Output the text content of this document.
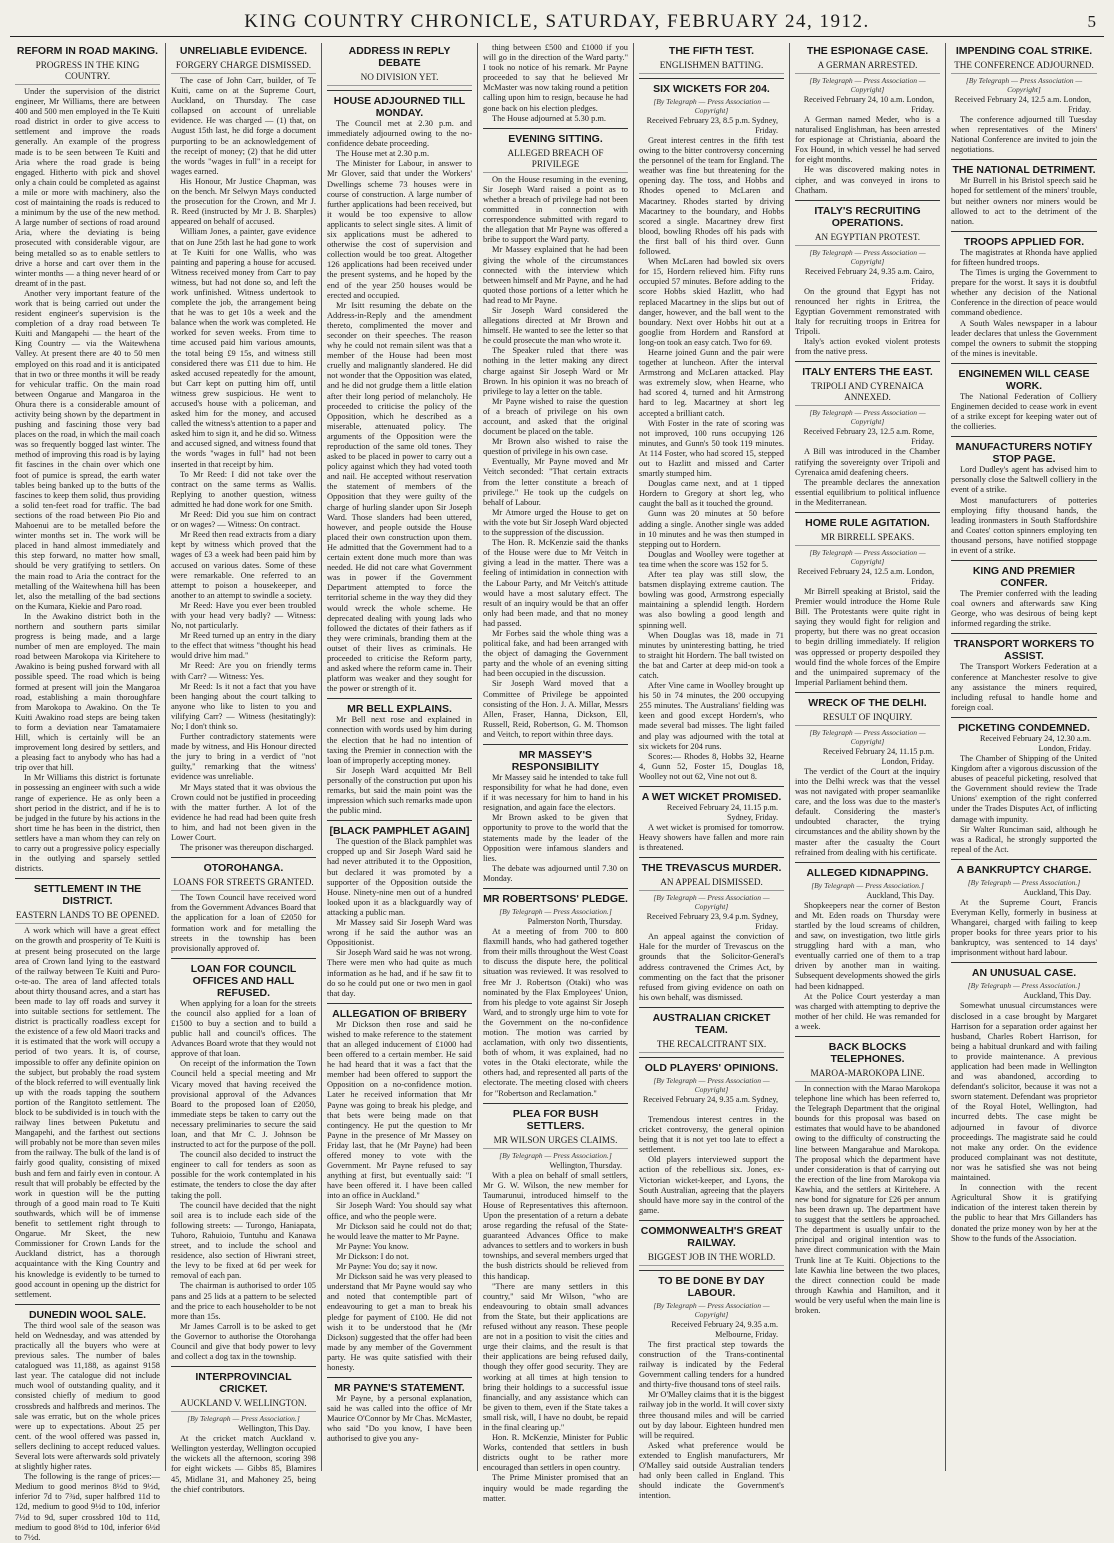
KING COUNTRY CHRONICLE, SATURDAY, FEBRUARY 24, 1912.	5
REFORM IN ROAD MAKING.
PROGRESS IN THE KING COUNTRY.

Under the supervision of the district engineer, Mr Williams, there are between 400 and 500 men employed in the Te Kuiti road district in order to give access to settlement and improve the roads generally. An example of the progress made is to be seen between Te Kuiti and Aria where the road grade is being engaged. Hitherto with pick and shovel only a chain could be completed as against a mile or more with machinery, also the cost of maintaining the roads is reduced to a minimum by the use of the new method. A large number of sections of road around Aria, where the deviating is being prosecuted with considerable vigour, are being metalled so as to enable settlers to drive a horse and cart over them in the winter months — a thing never heard of or dreamt of in the past.

Another very important feature of the work that is being carried out under the resident engineer's supervision is the completion of a dray road between Te Kuiti and Mangapehi — the heart of the King Country — via the Waitewhena Valley. At present there are 40 to 50 men employed on this road and it is anticipated that in two or three months it will be ready for vehicular traffic. On the main road between Ongarue and Mangaroa in the Ohura there is a considerable amount of activity being shown by the department in pushing and fascining those very bad places on the road, in which the mail coach was so frequently bogged last winter. The method of improving this road is by laying fit fascines in the chain over which one foot of pumice is spread, the earth water tables being banked up to the butts of the fascines to keep them solid, thus providing a solid ten-feet road for traffic. The bad sections of the road between Pio Pio and Mahoenui are to be metalled before the winter months set in. The work will be placed in hand almost immediately and this step forward, no matter how small, should be very gratifying to settlers. On the main road to Aria the contract for the metalling of the Waitewhena hill has been let, also the metalling of the bad sections on the Kumara, Kiekie and Paro road.

In the Awakino district both in the northern and southern parts similar progress is being made, and a large number of men are employed. The main road between Marokopa via Kiritehere to Awakino is being pushed forward with all possible speed. The road which is being formed at present will join the Mangaroa road, establishing a main thoroughfare from Marokopa to Awakino. On the Te Kuiti Awakino road steps are being taken to form a deviation near Tamatamaiere Hill, which is certainly will be an improvement long desired by settlers, and a pleasing fact to anybody who has had a trip over that hill.

In Mr Williams this district is fortunate in possessing an engineer with such a wide range of experience. He as only been a short period in the district, and if he is to be judged in the future by his actions in the short time he has been in the district, then settlers have a man whom they can rely on to carry out a progressive policy especially in the outlying and sparsely settled districts.

SETTLEMENT IN THE DISTRICT.
EASTERN LANDS TO BE OPENED.

A work which will have a great effect on the growth and prosperity of Te Kuiti is at present being prosecuted on the large area of Crown land lying to the eastward of the railway between Te Kuiti and Puro-o-te-ao. The area of land affected totals about thirty thousand acres, and a start has been made to lay off roads and survey it into suitable sections for settlement. The district is practically roadless except for the existence of a few old Maori tracks and it is estimated that the work will occupy a period of two years. It is, of course, impossible to offer any definite opinion on the subject, but probably the road system of the block referred to will eventually link up with the roads tapping the southern portion of the Rangitoto settlement. The block to be subdivided is in touch with the railway lines between Puketutu and Mangapehi, and the farthest out sections will probably not be more than seven miles from the railway. The bulk of the land is of fairly good quality, consisting of mixed bush and fern and fairly even in contour. A result that will probably be effected by the work in question will be the putting through of a good main road to Te Kuiti southwards, which will be of immense benefit to settlement right through to Ongarue. Mr Skeet, the new Commissioner for Crown Lands for the Auckland district, has a thorough acquaintance with the King Country and his knowledge is evidently to be turned to good account in opening up the district for settlement.

DUNEDIN WOOL SALE.

The third wool sale of the season was held on Wednesday, and was attended by practically all the buyers who were at previous sales. The number of bales catalogued was 11,188, as against 9158 last year. The catalogue did not include much wool of outstanding quality, and it consisted chiefly of medium to good crossbreds and halfbreds and merinos. The sale was erratic, but on the whole prices were up to expectations. About 25 per cent. of the wool offered was passed in, sellers declining to accept reduced values. Several lots were afterwards sold privately at slightly higher rates.

The following is the range of prices:— Medium to good merinos 8½d to 9½d, inferior 7d to 7¾d, super halfbred 11d to 12d, medium to good 9½d to 10d, inferior 7½d to 9d, super crossbred 10d to 11d, medium to good 8½d to 10d, inferior 6½d to 7½d.

UNRELIABLE EVIDENCE.
FORGERY CHARGE DISMISSED.

The case of John Carr, builder, of Te Kuiti, came on at the Supreme Court, Auckland, on Thursday. The case collapsed on account of unreliable evidence. He was charged — (1) that, on August 15th last, he did forge a document purporting to be an acknowledgement of the receipt of money; (2) that he did utter the words "wages in full" in a receipt for wages earned.

His Honour, Mr Justice Chapman, was on the bench. Mr Selwyn Mays conducted the prosecution for the Crown, and Mr J. R. Reed (instructed by Mr J. B. Sharples) appeared on behalf of accused.

William Jones, a painter, gave evidence that on June 25th last he had gone to work at Te Kuiti for one Wallis, who was painting and papering a house for accused. Witness received money from Carr to pay witness, but had not done so, and left the work unfinished. Witness undertook to complete the job, the arrangement being that he was to get 10s a week and the balance when the work was completed. He worked for seven weeks. From time to time accused paid him various amounts, the total being £9 15s, and witness still considered there was £11 due to him. He asked accused repeatedly for the amount, but Carr kept on putting him off, until witness grew suspicious. He went to accused's house with a policeman, and asked him for the money, and accused called the witness's attention to a paper and asked him to sign it, and he did so. Witness and accused signed, and witness found that the words "wages in full" had not been inserted in that receipt by him.

To Mr Reed: I did not take over the contract on the same terms as Wallis. Replying to another question, witness admitted he had done work for one Smith.

Mr Reed: Did you sue him on contract or on wages? — Witness: On contract.

Mr Reed then read extracts from a diary kept by witness which proved that the wages of £3 a week had been paid him by accused on various dates. Some of these were remarkable. One referred to an attempt to poison a housekeeper, and another to an attempt to swindle a society.

Mr Reed: Have you ever been troubled with your head very badly? — Witness: No, not particularly.

Mr Reed turned up an entry in the diary to the effect that witness "thought his head would drive him mad."

Mr Reed: Are you on friendly terms with Carr? — Witness: Yes.

Mr Reed: Is it not a fact that you have been hanging about the court talking to anyone who like to listen to you and vilifying Carr? — Witness (hesitatingly): No; I don't think so.

Further contradictory statements were made by witness, and His Honour directed the jury to bring in a verdict of "not guilty," remarking that the witness' evidence was unreliable.

Mr Mays stated that it was obvious the Crown could not be justified in proceeding with the matter further. A lot of the evidence he had read had been quite fresh to him, and had not been given in the Lower Court.

The prisoner was thereupon discharged.

OTOROHANGA.
LOANS FOR STREETS GRANTED.

The Town Council have received word from the Government Advances Board that the application for a loan of £2050 for formation work and for metalling the streets in the township has been provisionally approved of.

LOAN FOR COUNCIL OFFICES AND HALL REFUSED.

When applying for a loan for the streets the council also applied for a loan of £1500 to buy a section and to build a public hall and council's offices. The Advances Board wrote that they would not approve of that loan.

On receipt of the information the Town Council held a special meeting and Mr Vicary moved that having received the provisional approval of the Advances Board to the proposed loan of £2050, immediate steps be taken to carry out the necessary preliminaries to secure the said loan, and that Mr C. J. Johnson be instructed to act for the purpose of the poll.

The council also decided to instruct the engineer to call for tenders as soon as possible for the work contemplated in his estimate, the tenders to close the day after taking the poll.

The council have decided that the night soil area is to include each side of the following streets: — Turongo, Haniapata, Tuhoro, Rahuioio, Tuntuhu and Kanawa street, and to include the school and residence, also section of Hiwrani street, the levy to be fixed at 6d per week for removal of each pan.

The chairman is authorised to order 105 pans and 25 lids at a pattern to be selected and the price to each householder to be not more than 15s.

Mr James Carroll is to be asked to get the Governor to authorise the Otorohanga Council and give that body power to levy and collect a dog tax in the township.

INTERPROVINCIAL CRICKET.
AUCKLAND V. WELLINGTON.
[By Telegraph — Press Association.]
Wellington, This Day.

At the cricket match Auckland v. Wellington yesterday, Wellington occupied the wickets all the afternoon, scoring 398 for eight wickets — Gibbs 85, Blamires 45, Midlane 31, and Mahoney 25, being the chief contributors.

ADDRESS IN REPLY DEBATE
NO DIVISION YET.
HOUSE ADJOURNED TILL MONDAY.

The Council met at 2.30 p.m. and immediately adjourned owing to the no-confidence debate proceeding.

The House met at 2.30 p.m.

The Minister for Labour, in answer to Mr Glover, said that under the Workers' Dwellings scheme 73 houses were in course of construction. A large number of further applications had been received, but it would be too expensive to allow applicants to select single sites. A limit of six applications must be adhered to otherwise the cost of supervision and collection would be too great. Altogether 126 applications had been received under the present systems, and he hoped by the end of the year 250 houses would be erected and occupied.

Mr Isitt resuming the debate on the Address-in-Reply and the amendment thereto, complimented the mover and seconder on their speeches. The reason why he could not remain silent was that a member of the House had been most cruelly and malignantly slandered. He did not wonder that the Opposition was elated, and he did not grudge them a little elation after their long period of melancholy. He proceeded to criticise the policy of the Opposition, which he described as a miserable, attenuated policy. The arguments of the Opposition were the reproduction of the same old tones. They asked to be placed in power to carry out a policy against which they had voted tooth and nail. He accepted without reservation the statement of members of the Opposition that they were guilty of the charge of hurling slander upon Sir Joseph Ward. Those slanders had been uttered, however, and people outside the House placed their own construction upon them. He admitted that the Government had to a certain extent done much more than was needed. He did not care what Government was in power if the Government Department attempted to force the territorial scheme in the way they did they would wreck the whole scheme. He deprecated dealing with young lads who followed the dictates of their fathers as if they were criminals, branding them at the outset of their lives as criminals. He proceeded to criticise the Reform party, and asked where the reform came in. Their platform was weaker and they sought for the power or strength of it.

MR BELL EXPLAINS.

Mr Bell next rose and explained in connection with words used by him during the election that he had no intention of taxing the Premier in connection with the loan of improperly accepting money.

Sir Joseph Ward acquitted Mr Bell personally of the construction put upon his remarks, but said the main point was the impression which such remarks made upon the public mind.

[BLACK PAMPHLET AGAIN]

The question of the Black pamphlet was cropped up and Sir Joseph Ward said he had never attributed it to the Opposition, but declared it was promoted by a supporter of the Opposition outside the House. Ninety-nine men out of a hundred looked upon it as a blackguardly way of attacking a public man.

Mr Massey said Sir Joseph Ward was wrong if he said the author was an Oppositionist.

Sir Joseph Ward said he was not wrong. There were men who had quite as much information as he had, and if he saw fit to do so he could put one or two men in gaol that day.

ALLEGATION OF BRIBERY

Mr Dickson then rose and said he wished to make reference to the statement that an alleged inducement of £1000 had been offered to a certain member. He said he had heard that it was a fact that the member had been offered to support the Opposition on a no-confidence motion. Later he received information that Mr Payne was going to break his pledge, and that bets were being made on that contingency. He put the question to Mr Payne in the presence of Mr Massey on Friday last, that he (Mr Payne) had been offered money to vote with the Government. Mr Payne refused to say anything at first, but eventually said: "I have been offered it. I have been called into an office in Auckland."

Sir Joseph Ward: You should say what office, and who the people were.

Mr Dickson said he could not do that; he would leave the matter to Mr Payne.

Mr Payne: You know.

Mr Dickson: I do not.

Mr Payne: You do; say it now.

Mr Dickson said he was very pleased to understand that Mr Payne would say who and noted that contemptible part of endeavouring to get a man to break his pledge for payment of £100. He did not wish it to be understood that he (Mr Dickson) suggested that the offer had been made by any member of the Government party. He was quite satisfied with their honesty.

MR PAYNE'S STATEMENT.

Mr Payne, by a personal explanation, said he was called into the office of Mr Maurice O'Connor by Mr Chas. McMaster, who said "Do you know, I have been authorised to give you any-

thing between £500 and £1000 if you will go in the direction of the Ward party." I took no notice of his remark. Mr Payne proceeded to say that he believed Mr McMaster was now taking round a petition calling upon him to resign, because he had gone back on his election pledges.

The House adjourned at 5.30 p.m.

EVENING SITTING.
ALLEGED BREACH OF PRIVILEGE

On the House resuming in the evening, Sir Joseph Ward raised a point as to whether a breach of privilege had not been committed in connection with correspondence submitted with regard to the allegation that Mr Payne was offered a bribe to support the Ward party.

Mr Massey explained that he had been giving the whole of the circumstances connected with the interview which between himself and Mr Payne, and he had quoted those portions of a letter which he had read to Mr Payne.

Sir Joseph Ward considered the allegations directed at Mr Brown and himself. He wanted to see the letter so that he could prosecute the man who wrote it.

The Speaker ruled that there was nothing in the letter making any direct charge against Sir Joseph Ward or Mr Brown. In his opinion it was no breach of privilege to lay a letter on the table.

Mr Payne wished to raise the question of a breach of privilege on his own account, and asked that the original document be placed on the table.

Mr Brown also wished to raise the question of privilege in his own case.

Eventually, Mr Payne moved and Mr Veitch seconded: "That certain extracts from the letter constitute a breach of privilege." He took up the cudgels on behalf of Labour.

Mr Atmore urged the House to get on with the vote but Sir Joseph Ward objected to the suppression of the discussion.

The Hon. R. McKenzie said the thanks of the House were due to Mr Veitch in giving a lead in the matter. There was a feeling of intimidation in connection with the Labour Party, and Mr Veitch's attitude would have a most salutary effect. The result of an inquiry would be that an offer only had been made, and that no money had passed.

Mr Forbes said the whole thing was a political fake, and had been arranged with the object of damaging the Government party and the whole of an evening sitting had been occupied in the discussion.

Sir Joseph Ward moved that a Committee of Privilege be appointed consisting of the Hon. J. A. Millar, Messrs Allen, Fraser, Hanna, Dickson, Ell, Russell, Reid, Robertson, G. M. Thomson and Veitch, to report within three days.

MR MASSEY'S RESPONSIBILITY

Mr Massey said he intended to take full responsibility for what he had done, even if it was necessary for him to hand in his resignation, and again face the electors.

Mr Brown asked to be given that opportunity to prove to the world that the statements made by the leader of the Opposition were infamous slanders and lies.

The debate was adjourned until 7.30 on Monday.

MR ROBERTSONS' PLEDGE.
[By Telegraph — Press Association.]
Palmerston North, Thursday.

At a meeting of from 700 to 800 flaxmill hands, who had gathered together from their mills throughout the West Coast to discuss the dispute here, the political situation was reviewed. It was resolved to free Mr J. Robertson (Otaki) who was nominated by the Flax Employees' Union, from his pledge to vote against Sir Joseph Ward, and to strongly urge him to vote for the Government on the no-confidence motion. The motion was carried by acclamation, with only two dissentients, both of whom, it was explained, had no votes in the Otaki electorate, while the others had, and represented all parts of the electorate. The meeting closed with cheers for "Robertson and Reclamation."

PLEA FOR BUSH SETTLERS.
MR WILSON URGES CLAIMS.
[By Telegraph — Press Association.]
Wellington, Thursday.

With a plea on behalf of small settlers, Mr G. W. Wilson, the new member for Taumarunui, introduced himself to the House of Representatives this afternoon. Upon the presentation of a return a debate arose regarding the refusal of the State-guaranteed Advances Office to make advances to settlers and to workers in bush townships, and several members urged that the bush districts should be relieved from this handicap.

"There are many settlers in this country," said Mr Wilson, "who are endeavouring to obtain small advances from the State, but their applications are refused without any reason. These people are not in a position to visit the cities and urge their claims, and the result is that their applications are being refused daily, though they offer good security. They are working at all times at high tension to bring their holdings to a successful issue financially, and any assistance which can be given to them, even if the State takes a small risk, will, I have no doubt, be repaid in the final clearing up."

Hon. R. McKenzie, Minister for Public Works, contended that settlers in bush districts ought to be rather more encouraged than settlers in open country.

The Prime Minister promised that an inquiry would be made regarding the matter.

THE FIFTH TEST.
ENGLISHMEN BATTING.
SIX WICKETS FOR 204.
[By Telegraph — Press Association — Copyright]
Received February 23, 8.5 p.m. Sydney, Friday.

Great interest centres in the fifth test owing to the bitter controversy concerning the personnel of the team for England. The weather was fine but threatening for the opening day. The toss, and Hobbs and Rhodes opened to McLaren and Macartney. Rhodes started by driving Macartney to the boundary, and Hobbs scored a single. Macartney drew first blood, bowling Rhodes off his pads with the first ball of his third over. Gunn followed.

When McLaren had bowled six overs for 15, Hordern relieved him. Fifty runs occupied 57 minutes. Before adding to the score Hobbs skied Hazlitt, who had replaced Macartney in the slips but out of danger, however, and the ball went to the boundary. Next over Hobbs hit out at a googlie from Hordern and Ransford at long-on took an easy catch. Two for 69.

Hearne joined Gunn and the pair were together at luncheon. After the interval Armstrong and McLaren attacked. Play was extremely slow, when Hearne, who had scored 4, turned and hit Armstrong hard to leg. Macartney at short leg accepted a brilliant catch.

With Foster in the rate of scoring was not improved, 100 runs occupying 126 minutes, and Gunn's 50 took 119 minutes. At 114 Foster, who had scored 15, stepped out to Hazlitt and missed and Carter smartly stumped him.

Douglas came next, and at 1 tipped Hordern to Gregory at short leg, who caught the ball as it touched the ground.

Gunn was 20 minutes at 50 before adding a single. Another single was added in 10 minutes and he was then stumped in stepping out to Hordern.

Douglas and Woolley were together at tea time when the score was 152 for 5.

After tea play was still slow, the batsmen displaying extreme caution. The bowling was good, Armstrong especially maintaining a splendid length. Hordern was also bowling a good length and spinning well.

When Douglas was 18, made in 71 minutes by uninteresting batting, he tried to straight hit Hordern. The ball twisted on the bat and Carter at deep mid-on took a catch.

After Vine came in Woolley brought up his 50 in 74 minutes, the 200 occupying 255 minutes. The Australians' fielding was keen and good except Hordern's, who made several bad misses. The light failed and play was adjourned with the total at six wickets for 204 runs.

Scores:— Rhodes 8, Hobbs 32, Hearne 4, Gunn 52, Foster 15, Douglas 18, Woolley not out 62, Vine not out 8.

A WET WICKET PROMISED.
Received February 24, 11.15 p.m. Sydney, Friday.

A wet wicket is promised for tomorrow. Heavy showers have fallen and more rain is threatened.

THE TREVASCUS MURDER.
AN APPEAL DISMISSED.
[By Telegraph — Press Association — Copyright]
Received February 23, 9.4 p.m. Sydney, Friday.

An appeal against the conviction of Hale for the murder of Trevascus on the grounds that the Solicitor-General's address contravened the Crimes Act, by commenting on the fact that the prisoner refused from giving evidence on oath on his own behalf, was dismissed.

AUSTRALIAN CRICKET TEAM.
THE RECALCITRANT SIX.
OLD PLAYERS' OPINIONS.
[By Telegraph — Press Association — Copyright]
Received February 24, 9.35 a.m. Sydney, Friday.

Tremendous interest centres in the cricket controversy, the general opinion being that it is not yet too late to effect a settlement.

Old players interviewed support the action of the rebellious six. Jones, ex-Victorian wicket-keeper, and Lyons, the South Australian, agreeing that the players should have more say in the control of the game.

COMMONWEALTH'S GREAT RAILWAY.
BIGGEST JOB IN THE WORLD.
TO BE DONE BY DAY LABOUR.
[By Telegraph — Press Association — Copyright]
Received February 24, 9.35 a.m. Melbourne, Friday.

The first practical step towards the construction of the Trans-continental railway is indicated by the Federal Government calling tenders for a hundred and thirty-five thousand tons of steel rails.

Mr O'Malley claims that it is the biggest railway job in the world. It will cover sixty three thousand miles and will be carried out by day labour. Eighteen hundred men will be required.

Asked what preference would be extended to English manufacturers, Mr O'Malley said outside Australian tenders had only been called in England. This should indicate the Government's intention.

THE ESPIONAGE CASE.
A GERMAN ARRESTED.
[By Telegraph — Press Association — Copyright]
Received February 24, 10 a.m. London, Friday.

A German named Meder, who is a naturalised Englishman, has been arrested for espionage at Christiania, aboard the Fox Hound, in which vessel he had served for eight months.

He was discovered making notes in cipher, and was conveyed in irons to Chatham.

ITALY'S RECRUITING OPERATIONS.
AN EGYPTIAN PROTEST.
[By Telegraph — Press Association — Copyright]
Received February 24, 9.35 a.m. Cairo, Friday.

On the ground that Egypt has not renounced her rights in Eritrea, the Egyptian Government remonstrated with Italy for recruiting troops in Eritrea for Tripoli.

Italy's action evoked violent protests from the native press.

ITALY ENTERS THE EAST.
TRIPOLI AND CYRENAICA ANNEXED.
[By Telegraph — Press Association — Copyright]
Received February 23, 12.5 a.m. Rome, Friday.

A Bill was introduced in the Chamber ratifying the sovereignty over Tripoli and Cyrenaica amid deafening cheers.

The preamble declares the annexation essential equilibrium to political influence in the Mediterranean.

HOME RULE AGITATION.
MR BIRRELL SPEAKS.
[By Telegraph — Press Association — Copyright]
Received February 24, 12.5 a.m. London, Friday.

Mr Birrell speaking at Bristol, said the Premier would introduce the Home Rule Bill. The Protestants were quite right in saying they would fight for religion and property, but there was no great occasion to begin drilling immediately. If religion was oppressed or property despoiled they would find the whole forces of the Empire and the unimpaired supremacy of the Imperial Parliament behind them.

WRECK OF THE DELHI.
RESULT OF INQUIRY.
[By Telegraph — Press Association — Copyright]
Received February 24, 11.15 p.m. London, Friday.

The verdict of the Court at the inquiry into the Delhi wreck was that the vessel was not navigated with proper seamanlike care, and the loss was due to the master's default. Considering the master's undoubted character, the trying circumstances and the ability shown by the master after the casualty the Court refrained from dealing with his certificate.

ALLEGED KIDNAPPING.
[By Telegraph — Press Association.]
Auckland, This Day.

Shopkeepers near the corner of Beston and Mt. Eden roads on Thursday were startled by the loud screams of children, and saw, on investigation, two little girls struggling hard with a man, who eventually carried one of them to a trap driven by another man in waiting. Subsequent developments showed the girls had been kidnapped.

At the Police Court yesterday a man was charged with attempting to deprive the mother of her child. He was remanded for a week.

BACK BLOCKS TELEPHONES.
MAROA-MAROKOPA LINE.

In connection with the Marao Marokopa telephone line which has been referred to, the Telegraph Department that the original bounds for this proposal was based on estimates that would have to be abandoned owing to the difficulty of constructing the line between Mangarahue and Marokopa. The proposal which the department have under consideration is that of carrying out the erection of the line from Marokopa via Kawhia, and the settlers at Kiritehere. A new bond for signature for £26 per annum has been drawn up. The department have to suggest that the settlers be approached. The department is usually unfair to the principal and original intention was to have direct communication with the Main Trunk line at Te Kuiti. Objections to the late Kawhia line between the two places, the direct connection could be made through Kawhia and Hamilton, and it would be very useful when the main line is broken.

IMPENDING COAL STRIKE.
THE CONFERENCE ADJOURNED.
[By Telegraph — Press Association — Copyright]
Received February 24, 12.5 a.m. London, Friday.

The conference adjourned till Tuesday when representatives of the Miners' National Conference are invited to join the negotiations.

THE NATIONAL DETRIMENT.

Mr Burrell in his Bristol speech said he hoped for settlement of the miners' trouble, but neither owners nor miners would be allowed to act to the detriment of the nation.

TROOPS APPLIED FOR.

The magistrates at Rhonda have applied for fifteen hundred troops.

The Times is urging the Government to prepare for the worst. It says it is doubtful whether any decision of the National Conference in the direction of peace would command obedience.

A South Wales newspaper in a labour leader declares that unless the Government compel the owners to submit the stopping of the mines is inevitable.

ENGINEMEN WILL CEASE WORK.

The National Federation of Colliery Enginemen decided to cease work in event of a strike except for keeping water out of the collieries.

MANUFACTURERS NOTIFY STOP PAGE.

Lord Dudley's agent has advised him to personally close the Saltwell colliery in the event of a strike.

Most manufacturers of potteries employing fifty thousand hands, the leading ironmasters in South Staffordshire and Coates' cotton spinners employing ten thousand persons, have notified stoppage in event of a strike.

KING AND PREMIER CONFER.

The Premier conferred with the leading coal owners and afterwards saw King George, who was desirous of being kept informed regarding the strike.

TRANSPORT WORKERS TO ASSIST.

The Transport Workers Federation at a conference at Manchester resolve to give any assistance the miners required, including refusal to handle home and foreign coal.

PICKETING CONDEMNED.
Received February 24, 12.30 a.m. London, Friday.

The Chamber of Shipping of the United Kingdom after a vigorous discussion of the abuses of peaceful picketing, resolved that the Government should review the Trade Unions' exemption of the right conferred under the Trades Disputes Act, of inflicting damage with impunity.

Sir Walter Runciman said, although he was a Radical, he strongly supported the repeal of the Act.

A BANKRUPTCY CHARGE.
[By Telegraph — Press Association.]
Auckland, This Day.

At the Supreme Court, Francis Everyman Kelly, formerly in business at Whangarei, charged with failing to keep proper books for three years prior to his bankruptcy, was sentenced to 14 days' imprisonment without hard labour.

AN UNUSUAL CASE.
[By Telegraph — Press Association.]
Auckland, This Day.

Somewhat unusual circumstances were disclosed in a case brought by Margaret Harrison for a separation order against her husband, Charles Robert Harrison, for being a habitual drunkard and with failing to provide maintenance. A previous application had been made in Wellington and was abandoned, according to defendant's solicitor, because it was not a sworn statement. Defendant was proprietor of the Royal Hotel, Wellington, had incurred debts. The case might be adjourned in favour of divorce proceedings. The magistrate said he could not make any order. On the evidence produced complainant was not destitute, nor was he satisfied she was not being maintained.

In connection with the recent Agricultural Show it is gratifying indication of the interest taken therein by the public to hear that Mrs Gillanders has donated the prize money won by her at the Show to the funds of the Association.
